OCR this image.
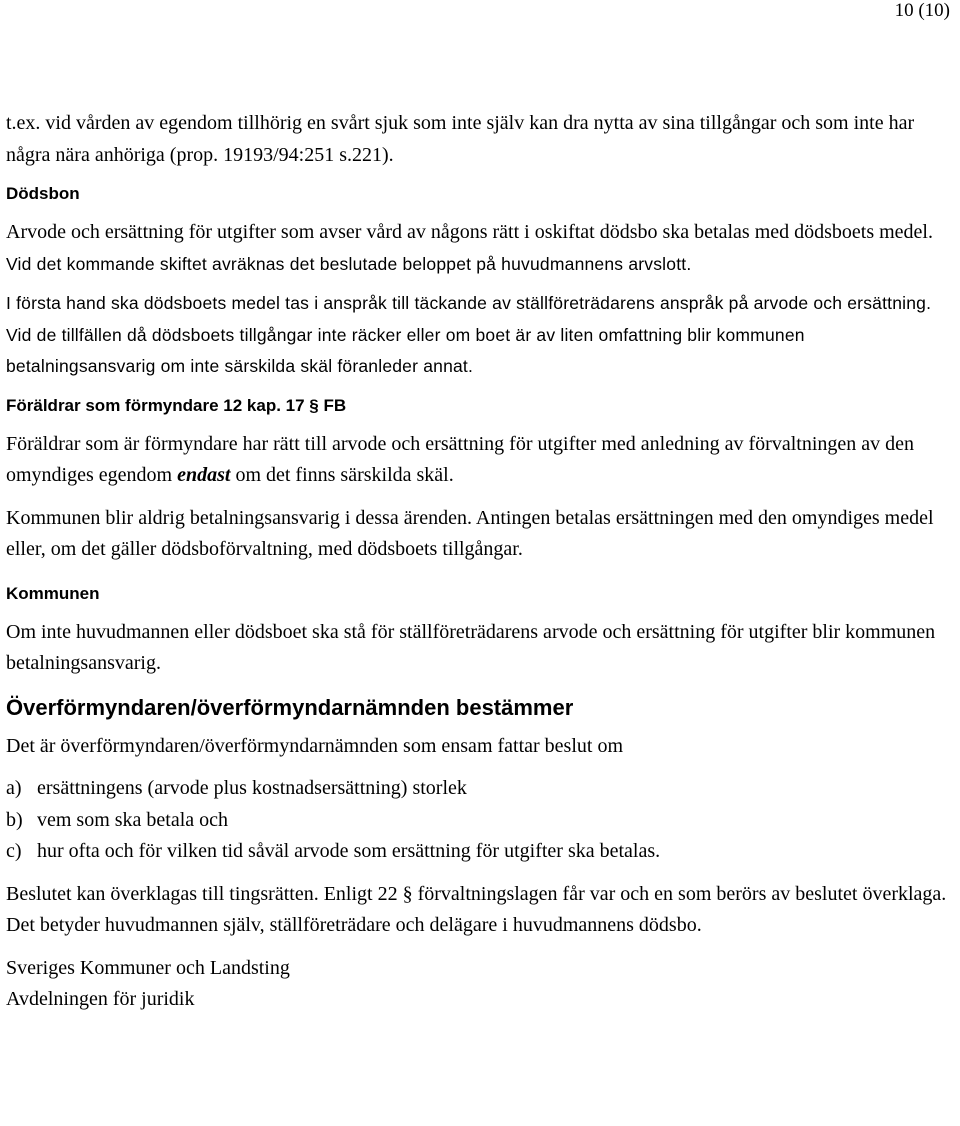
10 (10)

t.ex. vid vården av egendom tillhörig en svårt sjuk som inte själv kan dra nytta av sina tillgångar och som inte har några nära anhöriga (prop. 19193/94:251 s.221).

Dödsbon

Arvode och ersättning för utgifter som avser vård av någons rätt i oskiftat dödsbo ska betalas med dödsboets medel. Vid det kommande skiftet avräknas det beslutade beloppet på huvudmannens arvslott.

I första hand ska dödsboets medel tas i anspråk till täckande av ställföreträdarens anspråk på arvode och ersättning. Vid de tillfällen då dödsboets tillgångar inte räcker eller om boet är av liten omfattning blir kommunen betalningsansvarig om inte särskilda skäl föranleder annat.

Föräldrar som förmyndare 12 kap. 17 § FB

Föräldrar som är förmyndare har rätt till arvode och ersättning för utgifter med anledning av förvaltningen av den omyndiges egendom endast om det finns särskilda skäl.

Kommunen blir aldrig betalningsansvarig i dessa ärenden. Antingen betalas ersättningen med den omyndiges medel eller, om det gäller dödsboförvaltning, med dödsboets tillgångar.

Kommunen

Om inte huvudmannen eller dödsboet ska stå för ställföreträdarens arvode och ersättning för utgifter blir kommunen betalningsansvarig.

Överförmyndaren/överförmyndarnämnden bestämmer

Det är överförmyndaren/överförmyndarnämnden som ensam fattar beslut om

a) ersättningens (arvode plus kostnadsersättning) storlek

b) vem som ska betala och

c) hur ofta och för vilken tid såväl arvode som ersättning för utgifter ska betalas.

Beslutet kan överklagas till tingsrätten. Enligt 22 § förvaltningslagen får var och en som berörs av beslutet överklaga. Det betyder huvudmannen själv, ställföreträdare och delägare i huvudmannens dödsbo.

Sveriges Kommuner och Landsting

Avdelningen för juridik
